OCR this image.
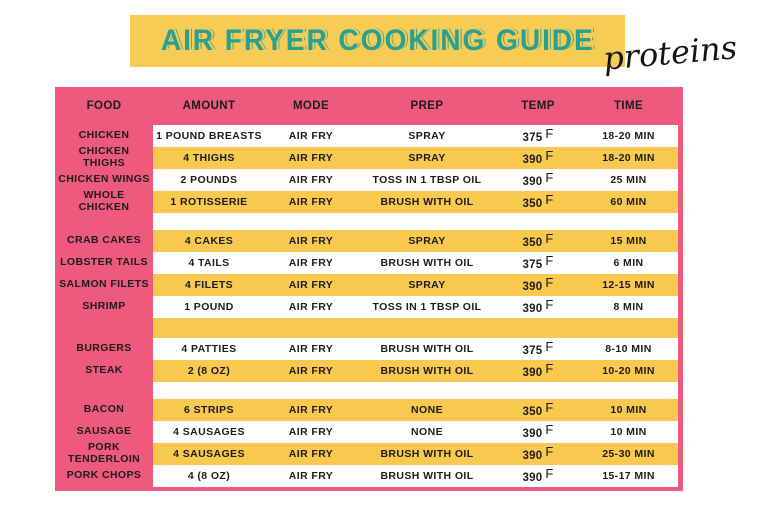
AIR FRYER COOKING GUIDE proteins
FOOD	AMOUNT	MODE	PREP	TEMP	TIME
CHICKEN	1 POUND BREASTS	AIR FRY	SPRAY	375 F	18-20 MIN
CHICKEN THIGHS	4 THIGHS	AIR FRY	SPRAY	390 F	18-20 MIN
CHICKEN WINGS	2 POUNDS	AIR FRY	TOSS IN 1 TBSP OIL	390 F	25 MIN
WHOLE CHICKEN	1 ROTISSERIE	AIR FRY	BRUSH WITH OIL	350 F	60 MIN
CRAB CAKES	4 CAKES	AIR FRY	SPRAY	350 F	15 MIN
LOBSTER TAILS	4 TAILS	AIR FRY	BRUSH WITH OIL	375 F	6 MIN
SALMON FILETS	4 FILETS	AIR FRY	SPRAY	390 F	12-15 MIN
SHRIMP	1 POUND	AIR FRY	TOSS IN 1 TBSP OIL	390 F	8 MIN
BURGERS	4 PATTIES	AIR FRY	BRUSH WITH OIL	375 F	8-10 MIN
STEAK	2 (8 OZ)	AIR FRY	BRUSH WITH OIL	390 F	10-20 MIN
BACON	6 STRIPS	AIR FRY	NONE	350 F	10 MIN
SAUSAGE	4 SAUSAGES	AIR FRY	NONE	390 F	10 MIN
PORK TENDERLOIN	4 SAUSAGES	AIR FRY	BRUSH WITH OIL	390 F	25-30 MIN
PORK CHOPS	4 (8 OZ)	AIR FRY	BRUSH WITH OIL	390 F	15-17 MIN
